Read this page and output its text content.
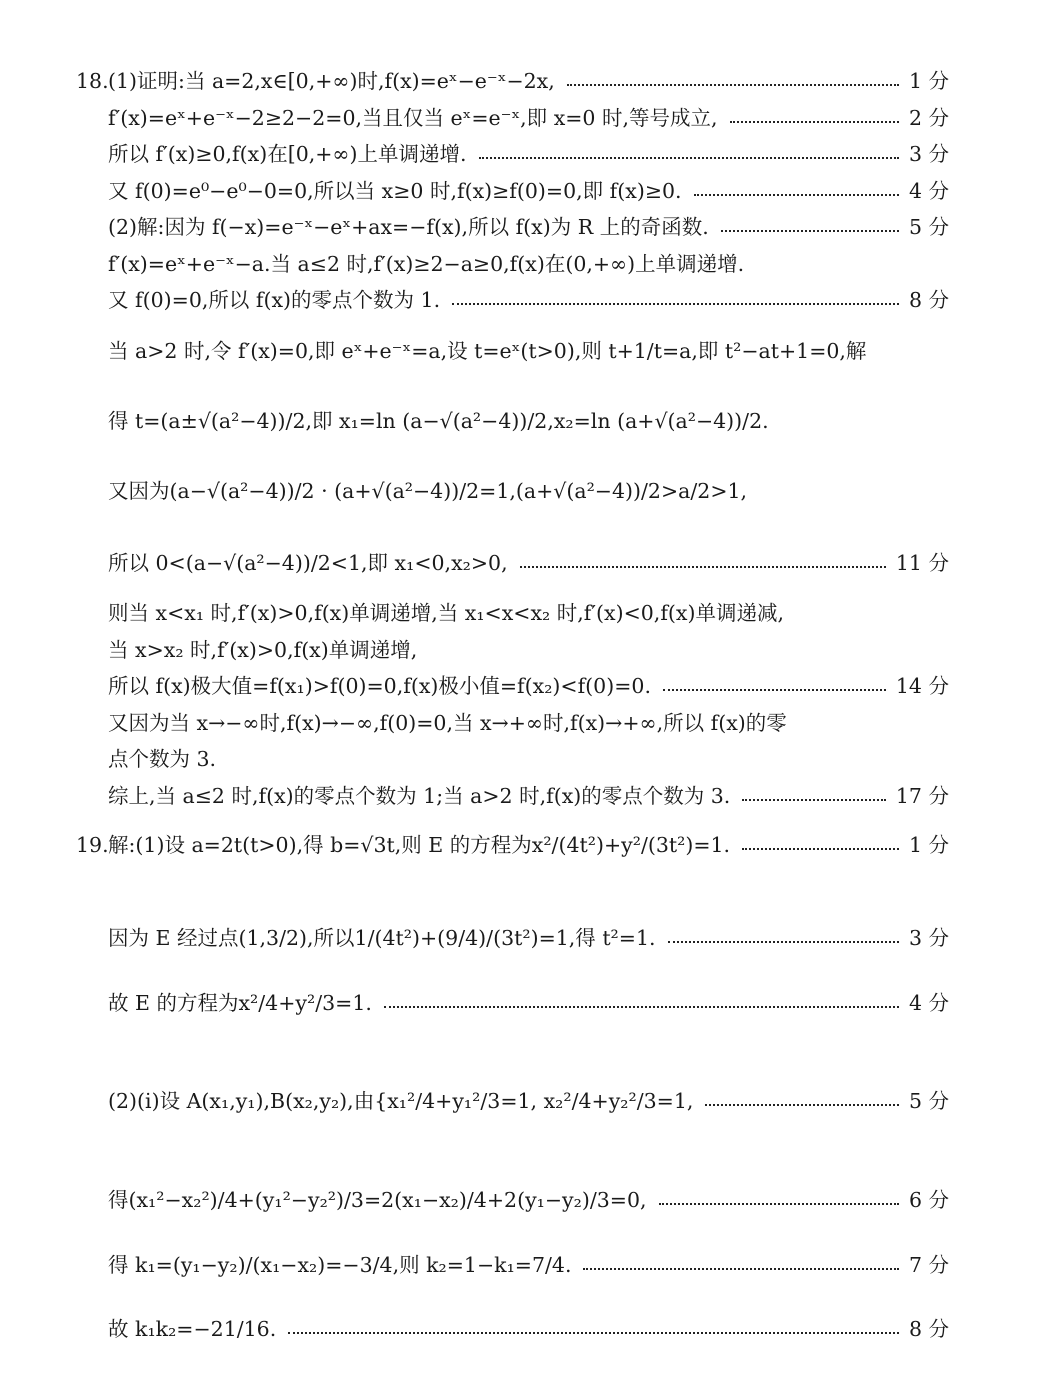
18. (1)证明:当 a=2,x∈[0,+∞)时,f(x)=eˣ−e⁻ˣ−2x,	1 分
f′(x)=eˣ+e⁻ˣ−2≥2−2=0,当且仅当 eˣ=e⁻ˣ,即 x=0 时,等号成立,	2 分
所以 f′(x)≥0,f(x)在[0,+∞)上单调递增.	3 分
又 f(0)=e⁰−e⁰−0=0,所以当 x≥0 时,f(x)≥f(0)=0,即 f(x)≥0.	4 分
(2)解:因为 f(−x)=e⁻ˣ−eˣ+ax=−f(x),所以 f(x)为 R 上的奇函数.	5 分
f′(x)=eˣ+e⁻ˣ−a.当 a≤2 时,f′(x)≥2−a≥0,f(x)在(0,+∞)上单调递增.
又 f(0)=0,所以 f(x)的零点个数为 1.	8 分
当 a>2 时,令 f′(x)=0,即 eˣ+e⁻ˣ=a,设 t=eˣ(t>0),则 t+1/t=a,即 t²−at+1=0,解
得 t=(a±√(a²−4))/2,即 x₁=ln (a−√(a²−4))/2,x₂=ln (a+√(a²−4))/2.
又因为(a−√(a²−4))/2 · (a+√(a²−4))/2=1,(a+√(a²−4))/2>a/2>1,
所以 0<(a−√(a²−4))/2<1,即 x₁<0,x₂>0,	11 分
则当 x<x₁ 时,f′(x)>0,f(x)单调递增,当 x₁<x<x₂ 时,f′(x)<0,f(x)单调递减,
当 x>x₂ 时,f′(x)>0,f(x)单调递增,
所以 f(x)极大值=f(x₁)>f(0)=0,f(x)极小值=f(x₂)<f(0)=0.	14 分
又因为当 x→−∞时,f(x)→−∞,f(0)=0,当 x→+∞时,f(x)→+∞,所以 f(x)的零
点个数为 3.
综上,当 a≤2 时,f(x)的零点个数为 1;当 a>2 时,f(x)的零点个数为 3.	17 分
19. 解:(1)设 a=2t(t>0),得 b=√3t,则 E 的方程为x²/(4t²)+y²/(3t²)=1.	1 分
因为 E 经过点(1,3/2),所以1/(4t²)+(9/4)/(3t²)=1,得 t²=1.	3 分
故 E 的方程为x²/4+y²/3=1.	4 分
(2)(ⅰ)设 A(x₁,y₁),B(x₂,y₂),由{x₁²/4+y₁²/3=1, x₂²/4+y₂²/3=1,	5 分
得(x₁²−x₂²)/4+(y₁²−y₂²)/3=2(x₁−x₂)/4+2(y₁−y₂)/3=0,	6 分
得 k₁=(y₁−y₂)/(x₁−x₂)=−3/4,则 k₂=1−k₁=7/4.	7 分
故 k₁k₂=−21/16.	8 分
